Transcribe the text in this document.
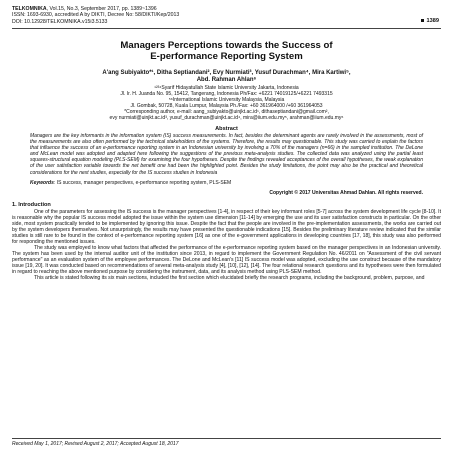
TELKOMNIKA, Vol.15, No.3, September 2017, pp. 1389~1396
ISSN: 1693-6930, accredited A by DIKTI, Decree No: 58/DIKTI/Kep/2013
DOI: 10.12928/TELKOMNIKA.v15i3.5133	1389
Managers Perceptions towards the Success of
E-performance Reporting System
A'ang Subiyakto*¹, Ditha Septiandani², Evy Nurmiati³, Yusuf Durachman⁴, Mira Kartiwi⁵,
Abd. Rahman Ahlan⁶
¹²³⁴Syarif Hidayatullah State Islamic University Jakarta, Indonesia
Jl. Ir. H. Juanda No. 95, 15412, Tangerang, Indonesia Ph/Fax: +6221 74019125/+6221 7493315
⁵⁶International Islamic University Malaysia, Malaysia
Jl. Gombak, 50728, Kuala Lumpur, Malaysia Ph./Fax: +60 361964000 /+60 361964053
*Corresponding author, e-mail: aang_subiyakto@uinjkt.ac.id¹, dithaseptiandani@gmail.com²,
evy nurmiati@uinjkt.ac.id³, yusuf_durachman@uinjkt.ac.id⁴, mira@iium.edu.my⁵, arahman@iium.edu.my⁶
Abstract
Managers are the key informants in the information system (IS) success measurements. In fact, besides the determinant agents are rarely involved in the assessments, most of the measurements are also often performed by the technical stakeholders of the systems. Therefore, the results may questionable. This study was carried to explain the factors that influence the success of an e-performance reporting system in an Indonesian university by involving a 70% of the managers (n=66) in the sampled institution. The DeLone and McLean model was adopted and adapted here following the suggestions of the previous meta-analysis studies. The collected data was analyzed using the partial least squares-structural equation modeling (PLS-SEM) for examining the four hypotheses. Despite the findings revealed acceptances of the overall hypotheses, the weak explanation of the user satisfaction variable towards the net benefit one had been the highlighted point. Besides the study limitations, the point may also be the practical and theoretical considerations for the next studies, especially for the IS success studies in Indonesia
Keywords: IS success, manager perspectives, e-performance reporting system, PLS-SEM
Copyright © 2017 Universitas Ahmad Dahlan. All rights reserved.
1. Introduction

One of the parameters for assessing the IS success is the manager perspectives [1-4], in respect of their key informant roles [5-7] across the system development life cycle [8-10]. It is reasonable why the popular IS success model adopted the issue within the system use dimension [11-14] by emerging the use and its user satisfaction constructs in particular. On the other side, most system practically tended to be implemented by ignoring this issue. Despite the fact that the people are involved in the pre-implementation assessments, the works are carried out by the system developers themselves. Not unsurprisingly, the results may have presented the questionable indications [15]. Besides the preliminary literature review indicated that the similar studies is still rare to be found in the context of e-performance reporting system [16] as one of the e-government applications in developing countries [17, 18], this study was also performed for responding the mentioned issues.

The study was employed to know what factors that affected the performance of the e-performance reporting system based on the manager perspectives in an Indonesian university. The system has been used by the internal auditor unit of the institution since 2013, in regard to implement the Government Regulation No. 46/2011 on "Assessment of the civil servant performance" as an evaluation system of the employee performances. The DeLone and McLean's [11] IS success model was adopted, excluding the use construct because of the mandatory issue [19, 20]. It was conducted based on recommendations of several meta-analysis study [4], [10], [12], [14]. The four relational research questions and its hypotheses were then formulated in regard to reaching the above mentioned purpose by considering the instrument, data, and its analysis method using PLS-SEM method.

This article is stated following its six main sections, included the first section which elucidated briefly the research programs, including the background, problem, purpose, and

Received May 1, 2017; Revised August 2, 2017; Accepted August 18, 2017
